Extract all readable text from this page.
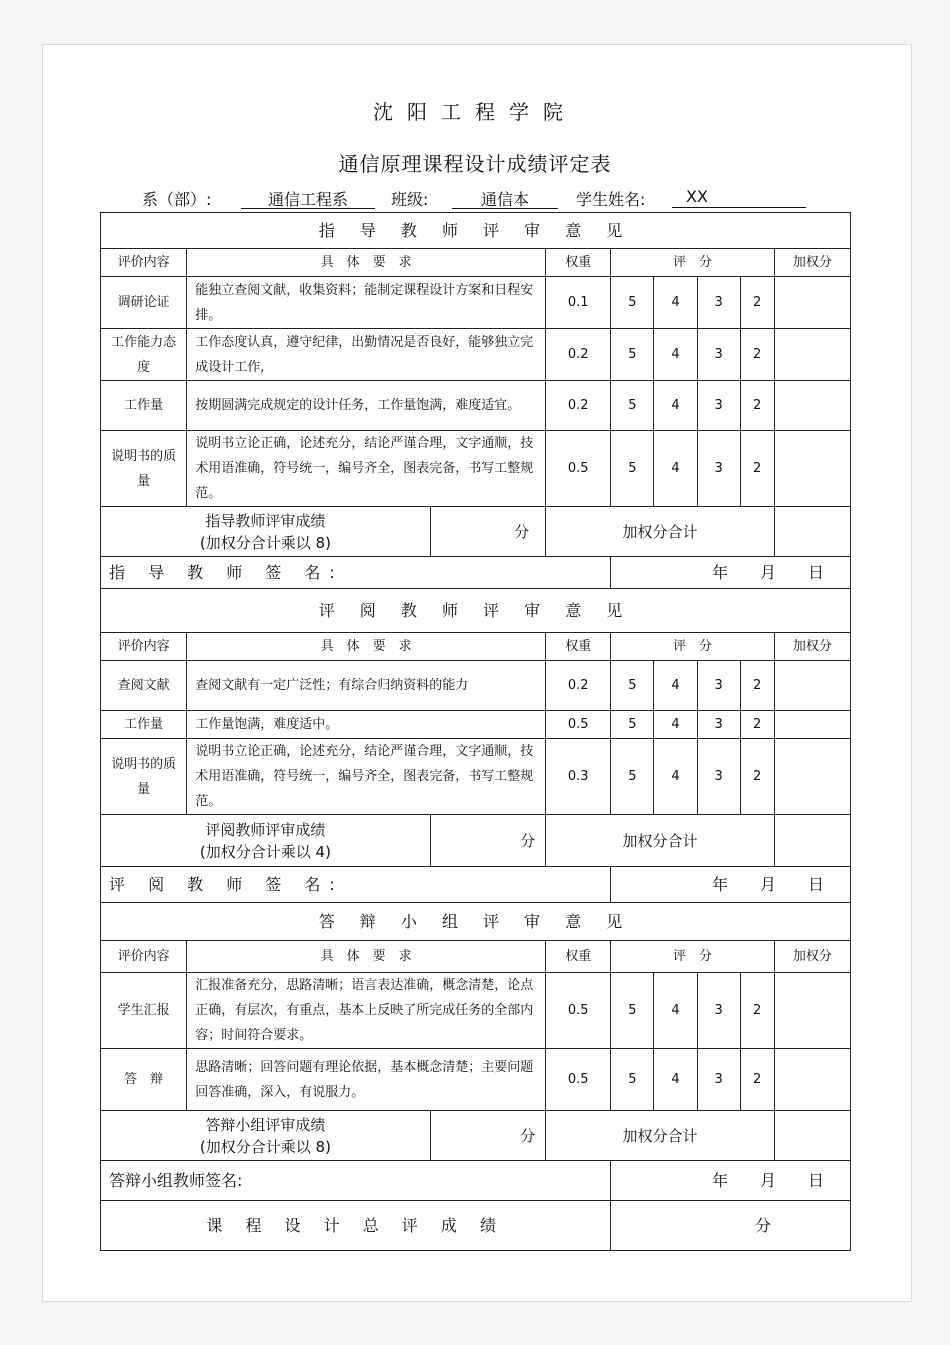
沈阳工程学院
通信原理课程设计成绩评定表
系（部）:	通信工程系	班级:	通信本	学生姓名:	XX
指 导 教 师 评 审 意 见								
评价内容	具　体　要　求		权重	评　分				加权分
调研论证	能独立查阅文献，收集资料；能制定课程设计方案和日程安排。		0.1	5	4	3	2	
工作能力态度	工作态度认真，遵守纪律，出勤情况是否良好，能够独立完成设计工作,		0.2	5	4	3	2	
工作量	按期圆满完成规定的设计任务，工作量饱满，难度适宜。		0.2	5	4	3	2	
说明书的质量	说明书立论正确，论述充分，结论严谨合理，文字通顺，技术用语准确，符号统一，编号齐全，图表完备，书写工整规范。		0.5	5	4	3	2	

指导教师评审成绩
(加权分合计乘以 8)		分	加权分合计					
指 导 教 师 签 名:				年 月 日				
评 阅 教 师 评 审 意 见								
评价内容	具　体　要　求		权重	评　分				加权分
查阅文献	查阅文献有一定广泛性；有综合归纳资料的能力		0.2	5	4	3	2	
工作量	工作量饱满，难度适中。		0.5	5	4	3	2	
说明书的质量	说明书立论正确，论述充分，结论严谨合理，文字通顺，技术用语准确，符号统一，编号齐全，图表完备，书写工整规范。		0.3	5	4	3	2	

评阅教师评审成绩
(加权分合计乘以 4)		分	加权分合计					
评 阅 教 师 签 名:				年 月 日				
答 辩 小 组 评 审 意 见								
评价内容	具　体　要　求		权重	评　分				加权分
学生汇报	汇报准备充分，思路清晰；语言表达准确，概念清楚，论点正确，有层次，有重点，基本上反映了所完成任务的全部内容；时间符合要求。		0.5	5	4	3	2	
答　辩	思路清晰；回答问题有理论依据，基本概念清楚；主要问题回答准确，深入，有说服力。		0.5	5	4	3	2	

答辩小组评审成绩
(加权分合计乘以 8)		分	加权分合计					
答辩小组教师签名:				年 月 日				
课 程 设 计 总 评 成 绩				分				
